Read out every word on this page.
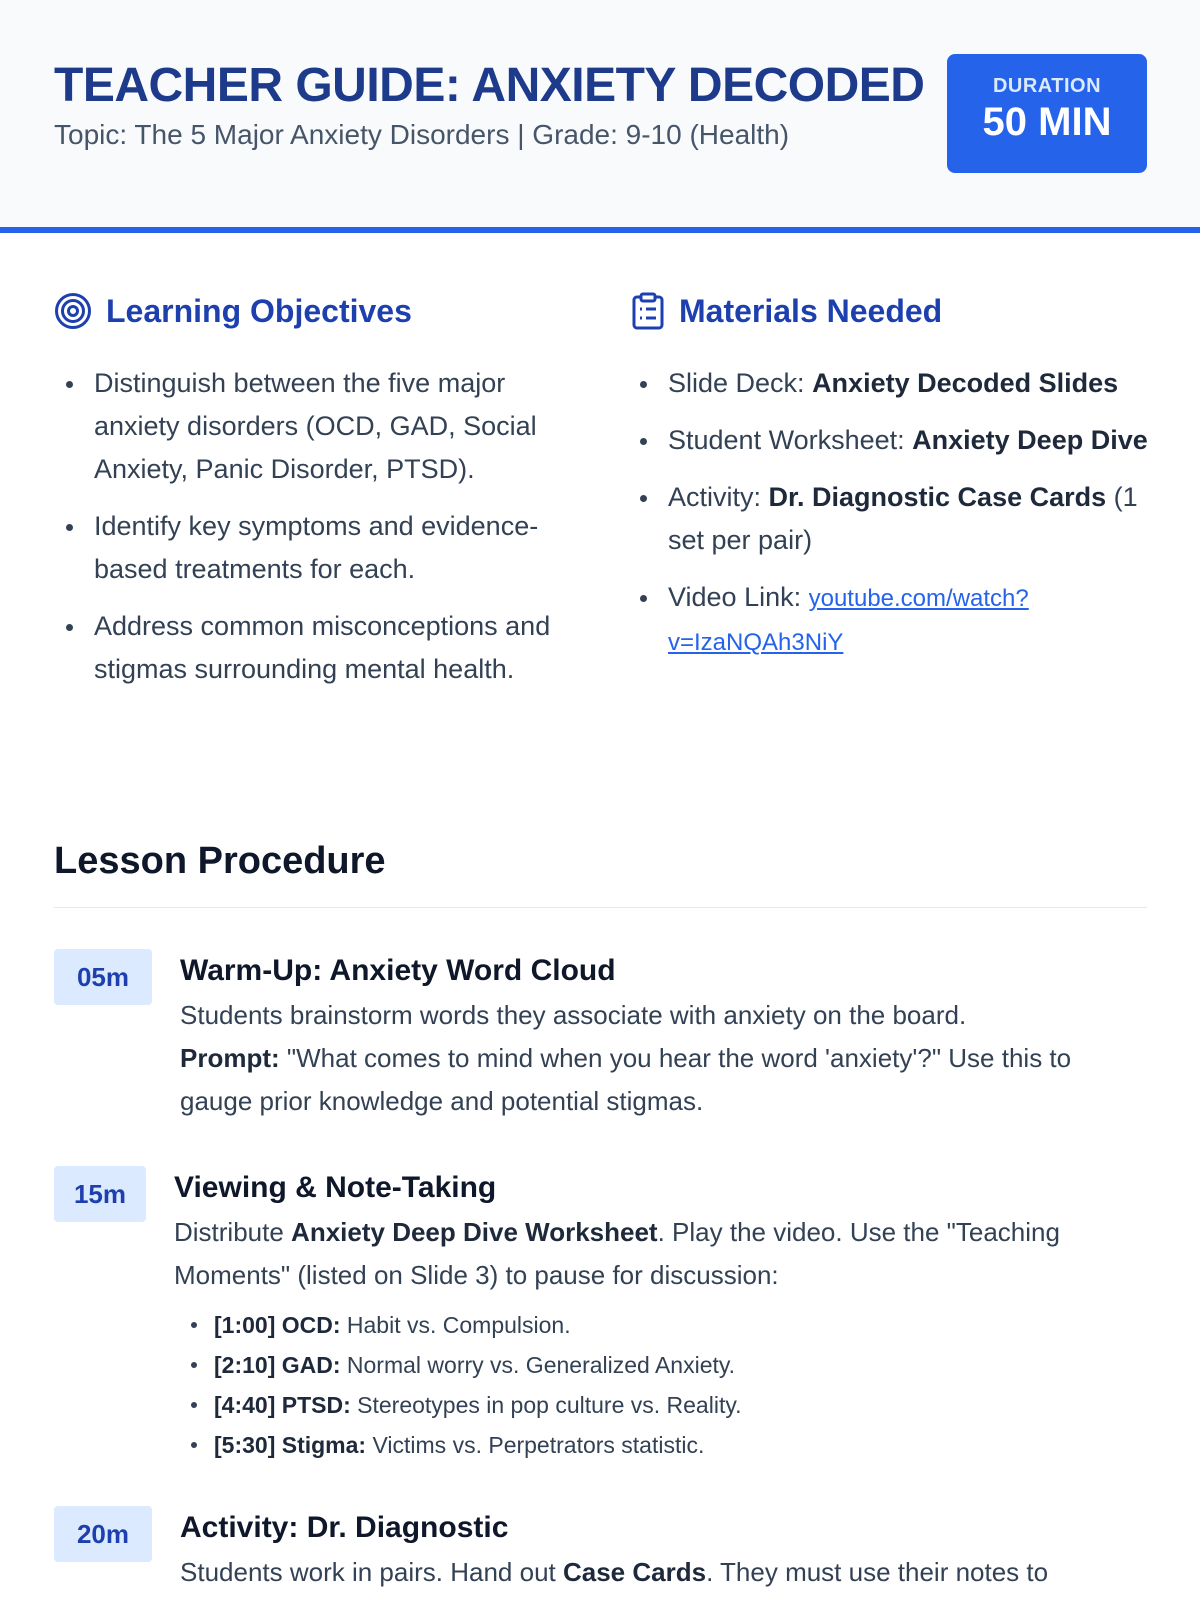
TEACHER GUIDE: ANXIETY DECODED
Topic: The 5 Major Anxiety Disorders | Grade: 9-10 (Health)
DURATION
50 MIN
Learning Objectives
Distinguish between the five major anxiety disorders (OCD, GAD, Social Anxiety, Panic Disorder, PTSD).
Identify key symptoms and evidence-based treatments for each.
Address common misconceptions and stigmas surrounding mental health.
Materials Needed
Slide Deck: Anxiety Decoded Slides
Student Worksheet: Anxiety Deep Dive
Activity: Dr. Diagnostic Case Cards (1 set per pair)
Video Link: youtube.com/watch?
v=IzaNQAh3NiY
Lesson Procedure
05m	Warm-Up: Anxiety Word Cloud
Students brainstorm words they associate with anxiety on the board.
Prompt: "What comes to mind when you hear the word 'anxiety'?" Use this to gauge prior knowledge and potential stigmas.
15m	Viewing & Note-Taking
Distribute Anxiety Deep Dive Worksheet. Play the video. Use the "Teaching Moments" (listed on Slide 3) to pause for discussion:
[1:00] OCD: Habit vs. Compulsion.
[2:10] GAD: Normal worry vs. Generalized Anxiety.
[4:40] PTSD: Stereotypes in pop culture vs. Reality.
[5:30] Stigma: Victims vs. Perpetrators statistic.
20m	Activity: Dr. Diagnostic
Students work in pairs. Hand out Case Cards. They must use their notes to
